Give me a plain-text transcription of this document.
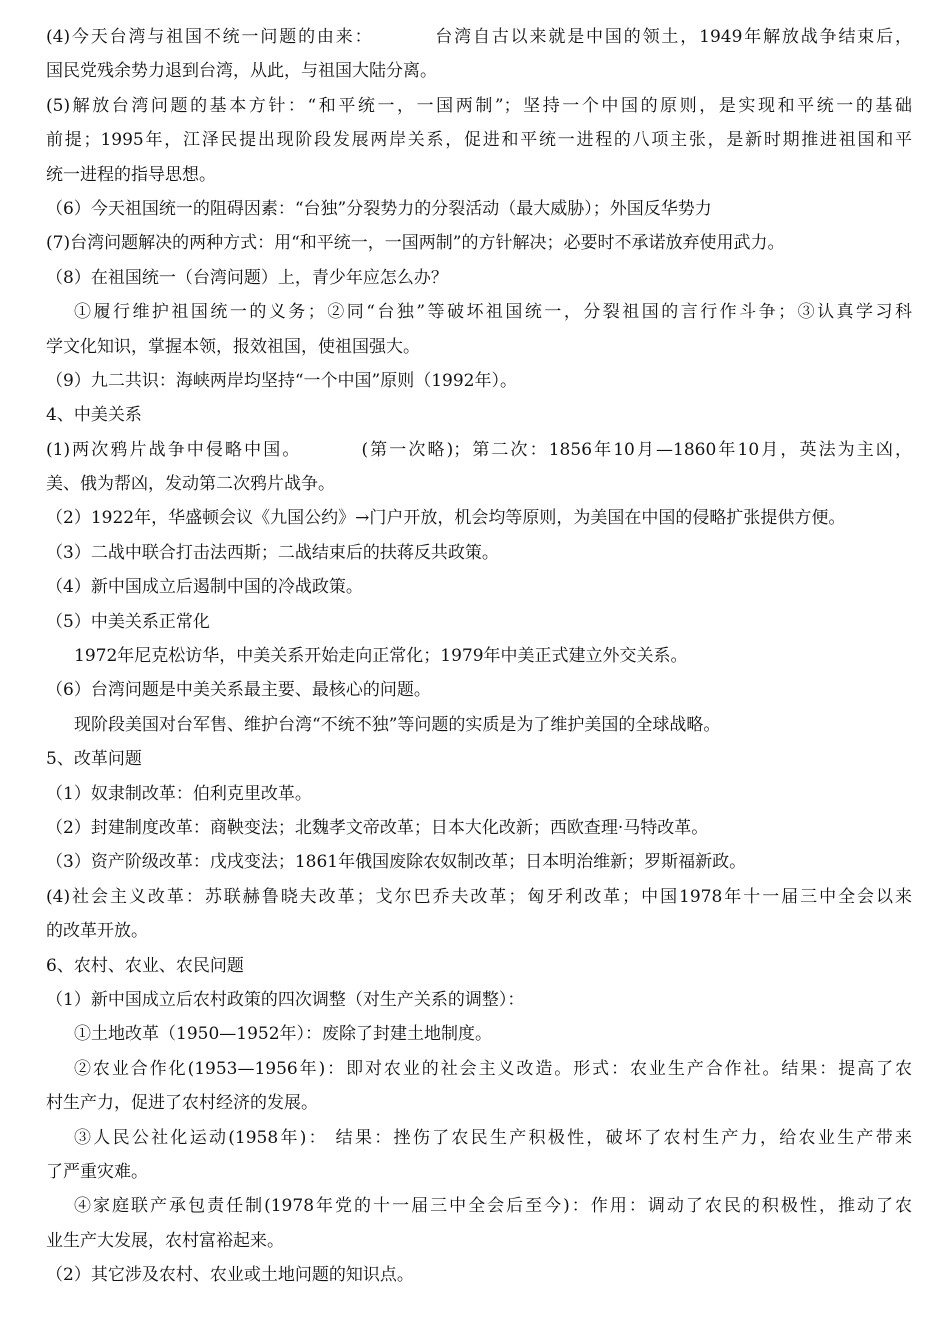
(4)今天台湾与祖国不统一问题的由来：	台湾自古以来就是中国的领土，1949年解放战争结束后，
国民党残余势力退到台湾，从此，与祖国大陆分离。
(5)解放台湾问题的基本方针：“和平统一，一国两制”；坚持一个中国的原则，是实现和平统一的基础
前提；1995年，江泽民提出现阶段发展两岸关系，促进和平统一进程的八项主张，是新时期推进祖国和平
统一进程的指导思想。
（6）今天祖国统一的阻碍因素：“台独”分裂势力的分裂活动（最大威胁）；外国反华势力
(7)台湾问题解决的两种方式：用“和平统一，一国两制”的方针解决；必要时不承诺放弃使用武力。
（8）在祖国统一（台湾问题）上，青少年应怎么办？
①履行维护祖国统一的义务；②同“台独”等破坏祖国统一，分裂祖国的言行作斗争；③认真学习科
学文化知识，掌握本领，报效祖国，使祖国强大。
（9）九二共识：海峡两岸均坚持“一个中国”原则（1992年）。
4、中美关系
(1)两次鸦片战争中侵略中国。	(第一次略)；第二次：1856年10月—1860年10月，英法为主凶，
美、俄为帮凶，发动第二次鸦片战争。
（2）1922年，华盛顿会议《九国公约》→门户开放，机会均等原则，为美国在中国的侵略扩张提供方便。
（3）二战中联合打击法西斯；二战结束后的扶蒋反共政策。
（4）新中国成立后遏制中国的冷战政策。
（5）中美关系正常化
1972年尼克松访华，中美关系开始走向正常化；1979年中美正式建立外交关系。
（6）台湾问题是中美关系最主要、最核心的问题。
现阶段美国对台军售、维护台湾“不统不独”等问题的实质是为了维护美国的全球战略。
5、改革问题
（1）奴隶制改革：伯利克里改革。
（2）封建制度改革：商鞅变法；北魏孝文帝改革；日本大化改新；西欧查理·马特改革。
（3）资产阶级改革：戊戌变法；1861年俄国废除农奴制改革；日本明治维新；罗斯福新政。
(4)社会主义改革：苏联赫鲁晓夫改革；戈尔巴乔夫改革；匈牙利改革；中国1978年十一届三中全会以来
的改革开放。
6、农村、农业、农民问题
（1）新中国成立后农村政策的四次调整（对生产关系的调整）：
①土地改革（1950—1952年）：废除了封建土地制度。
②农业合作化(1953—1956年)：即对农业的社会主义改造。形式：农业生产合作社。结果：提高了农
村生产力，促进了农村经济的发展。
③人民公社化运动(1958年)： 结果：挫伤了农民生产积极性，破坏了农村生产力，给农业生产带来
了严重灾难。
④家庭联产承包责任制(1978年党的十一届三中全会后至今)：作用：调动了农民的积极性，推动了农
业生产大发展，农村富裕起来。
（2）其它涉及农村、农业或土地问题的知识点。
